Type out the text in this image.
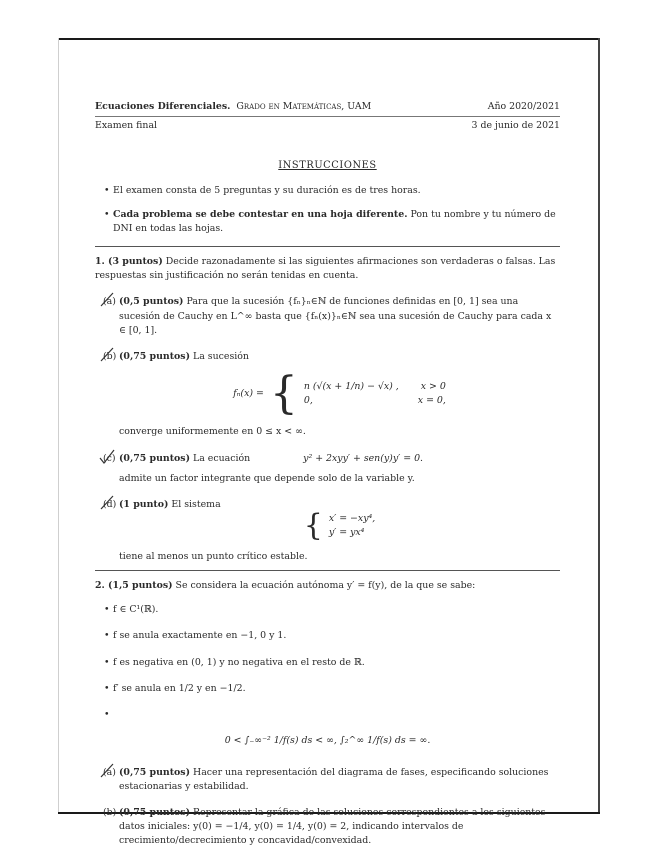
Ecuaciones Diferenciales. Grado en Matemáticas, UAM	Año 2020/2021
Examen final	3 de junio de 2021
INSTRUCCIONES
• El examen consta de 5 preguntas y su duración es de tres horas.
• Cada problema se debe contestar en una hoja diferente. Pon tu nombre y tu número de DNI en todas las hojas.
1. (3 puntos) Decide razonadamente si las siguientes afirmaciones son verdaderas o falsas. Las respuestas sin justificación no serán tenidas en cuenta.
(a) (0,5 puntos) Para que la sucesión {fₙ}ₙ∈ℕ de funciones definidas en [0, 1] sea una sucesión de Cauchy en L^∞ basta que {fₙ(x)}ₙ∈ℕ sea una sucesión de Cauchy para cada x ∈ [0, 1].
(b) (0,75 puntos) La sucesión
fₙ(x) = { n (√(x + 1/n) − √x) , x > 0
0,	x = 0,
converge uniformemente en 0 ≤ x < ∞.
(c) (0,75 puntos) La ecuación	y² + 2xyy′ + sen(y)y′ = 0.
admite un factor integrante que depende solo de la variable y.
(d) (1 punto) El sistema
{ x′ = −xy⁴,
y′ = yx⁴
tiene al menos un punto crítico estable.
2. (1,5 puntos) Se considera la ecuación autónoma y′ = f(y), de la que se sabe:
• f ∈ C¹(ℝ).
• f se anula exactamente en −1, 0 y 1.
• f es negativa en (0, 1) y no negativa en el resto de ℝ.
• f′ se anula en 1/2 y en −1/2.
•
0 < ∫₋∞⁻² 1/f(s) ds < ∞, ∫₂^∞ 1/f(s) ds = ∞.
(a) (0,75 puntos) Hacer una representación del diagrama de fases, especificando soluciones estacionarias y estabilidad.
(b) (0,75 puntos) Representar la gráfica de las soluciones correspondientes a los siguientes datos iniciales: y(0) = −1/4, y(0) = 1/4, y(0) = 2, indicando intervalos de crecimiento/decrecimiento y concavidad/convexidad.
